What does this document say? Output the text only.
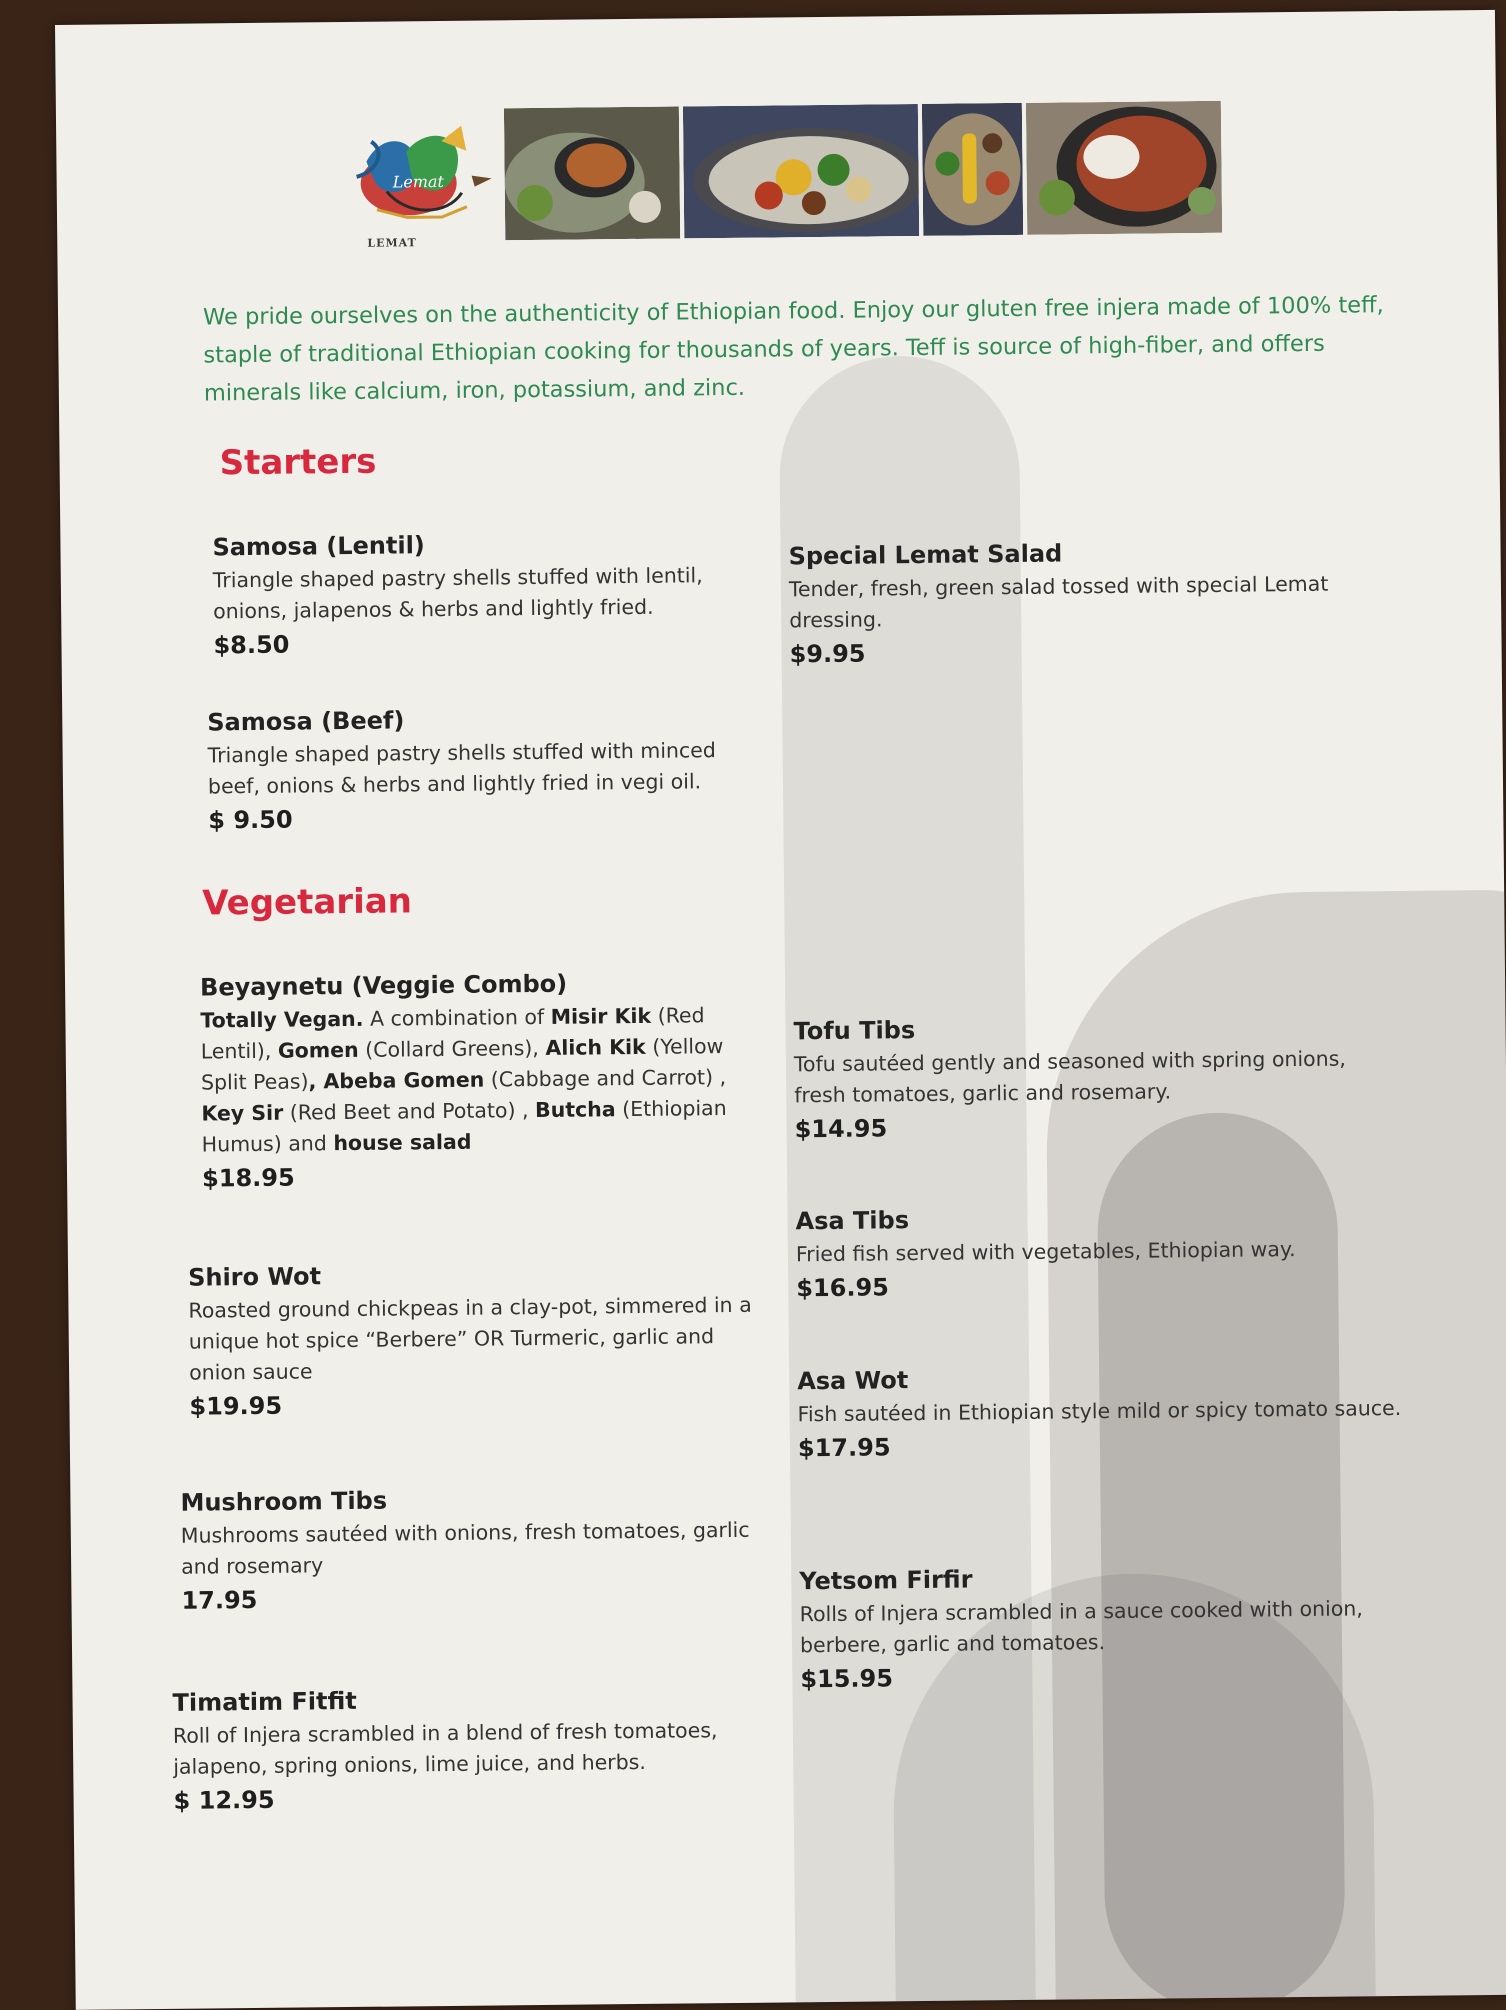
Lemat
LEMAT
We pride ourselves on the authenticity of Ethiopian food. Enjoy our gluten free injera made of 100% teff, staple of traditional Ethiopian cooking for thousands of years. Teff is source of high-fiber, and offers minerals like calcium, iron, potassium, and zinc.
Starters
Samosa (Lentil)
Triangle shaped pastry shells stuffed with lentil, onions, jalapenos & herbs and lightly fried.
$8.50
Samosa (Beef)
Triangle shaped pastry shells stuffed with minced beef, onions & herbs and lightly fried in vegi oil.
$ 9.50
Special Lemat Salad
Tender, fresh, green salad tossed with special Lemat dressing.
$9.95
Vegetarian
Beyaynetu (Veggie Combo)
Totally Vegan. A combination of Misir Kik (Red Lentil), Gomen (Collard Greens), Alich Kik (Yellow Split Peas), Abeba Gomen (Cabbage and Carrot) , Key Sir (Red Beet and Potato) , Butcha (Ethiopian Humus) and house salad
$18.95
Shiro Wot
Roasted ground chickpeas in a clay-pot, simmered in a unique hot spice “Berbere” OR Turmeric, garlic and onion sauce
$19.95
Mushroom Tibs
Mushrooms sautéed with onions, fresh tomatoes, garlic and rosemary
17.95
Timatim Fitfit
Roll of Injera scrambled in a blend of fresh tomatoes, jalapeno, spring onions, lime juice, and herbs.
$ 12.95
Tofu Tibs
Tofu sautéed gently and seasoned with spring onions, fresh tomatoes, garlic and rosemary.
$14.95
Asa Tibs
Fried fish served with vegetables, Ethiopian way.
$16.95
Asa Wot
Fish sautéed in Ethiopian style mild or spicy tomato sauce.
$17.95
Yetsom Firfir
Rolls of Injera scrambled in a sauce cooked with onion, berbere, garlic and tomatoes.
$15.95
